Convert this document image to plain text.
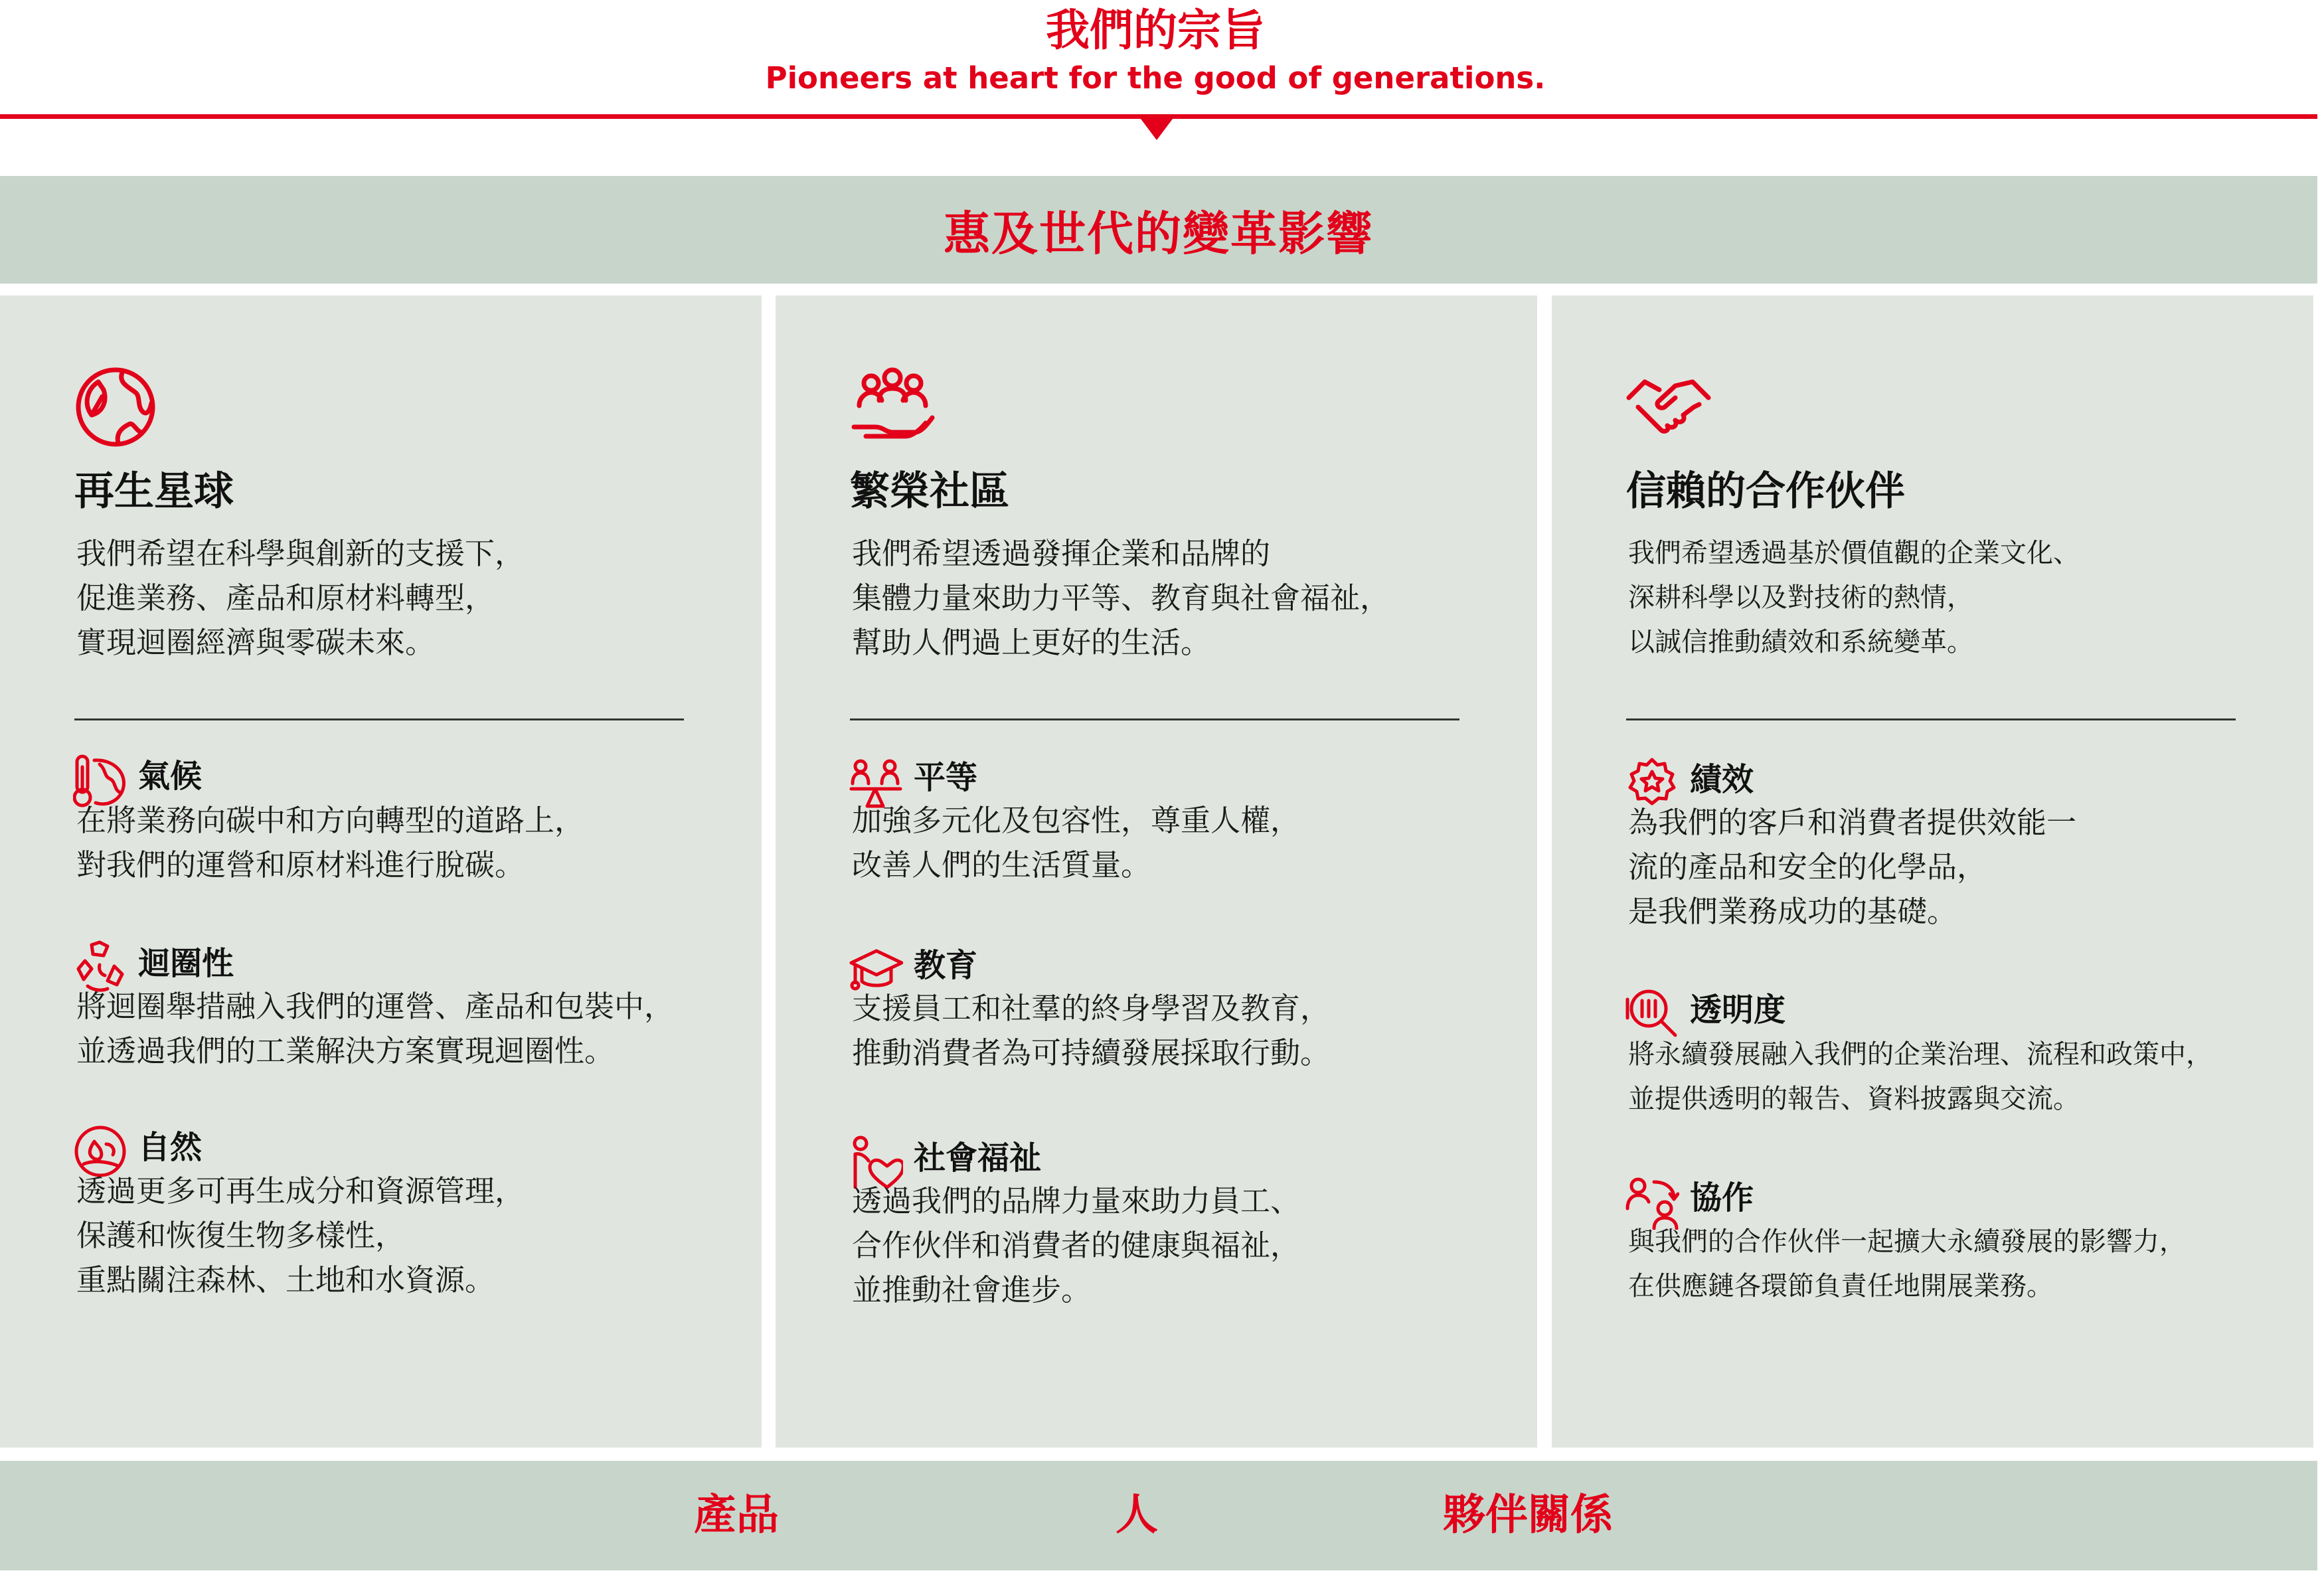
我們的宗旨
Pioneers at heart for the good of generations.
惠及世代的變革影響
再生星球
我們希望在科學與創新的支援下，
促進業務、產品和原材料轉型，
實現迴圈經濟與零碳未來。
氣候
在將業務向碳中和方向轉型的道路上，
對我們的運營和原材料進行脫碳。
迴圈性
將迴圈舉措融入我們的運營、產品和包裝中，
並透過我們的工業解決方案實現迴圈性。
自然
透過更多可再生成分和資源管理，
保護和恢復生物多樣性，
重點關注森林、土地和水資源。
繁榮社區
我們希望透過發揮企業和品牌的
集體力量來助力平等、教育與社會福祉，
幫助人們過上更好的生活。
平等
加強多元化及包容性，尊重人權，
改善人們的生活質量。
教育
支援員工和社羣的終身學習及教育，
推動消費者為可持續發展採取行動。
社會福祉
透過我們的品牌力量來助力員工、
合作伙伴和消費者的健康與福祉，
並推動社會進步。
信賴的合作伙伴
我們希望透過基於價值觀的企業文化、
深耕科學以及對技術的熱情，
以誠信推動績效和系統變革。
績效
為我們的客戶和消費者提供效能一
流的產品和安全的化學品，
是我們業務成功的基礎。
透明度
將永續發展融入我們的企業治理、流程和政策中，
並提供透明的報告、資料披露與交流。
協作
與我們的合作伙伴一起擴大永續發展的影響力，
在供應鏈各環節負責任地開展業務。
產品	人	夥伴關係
